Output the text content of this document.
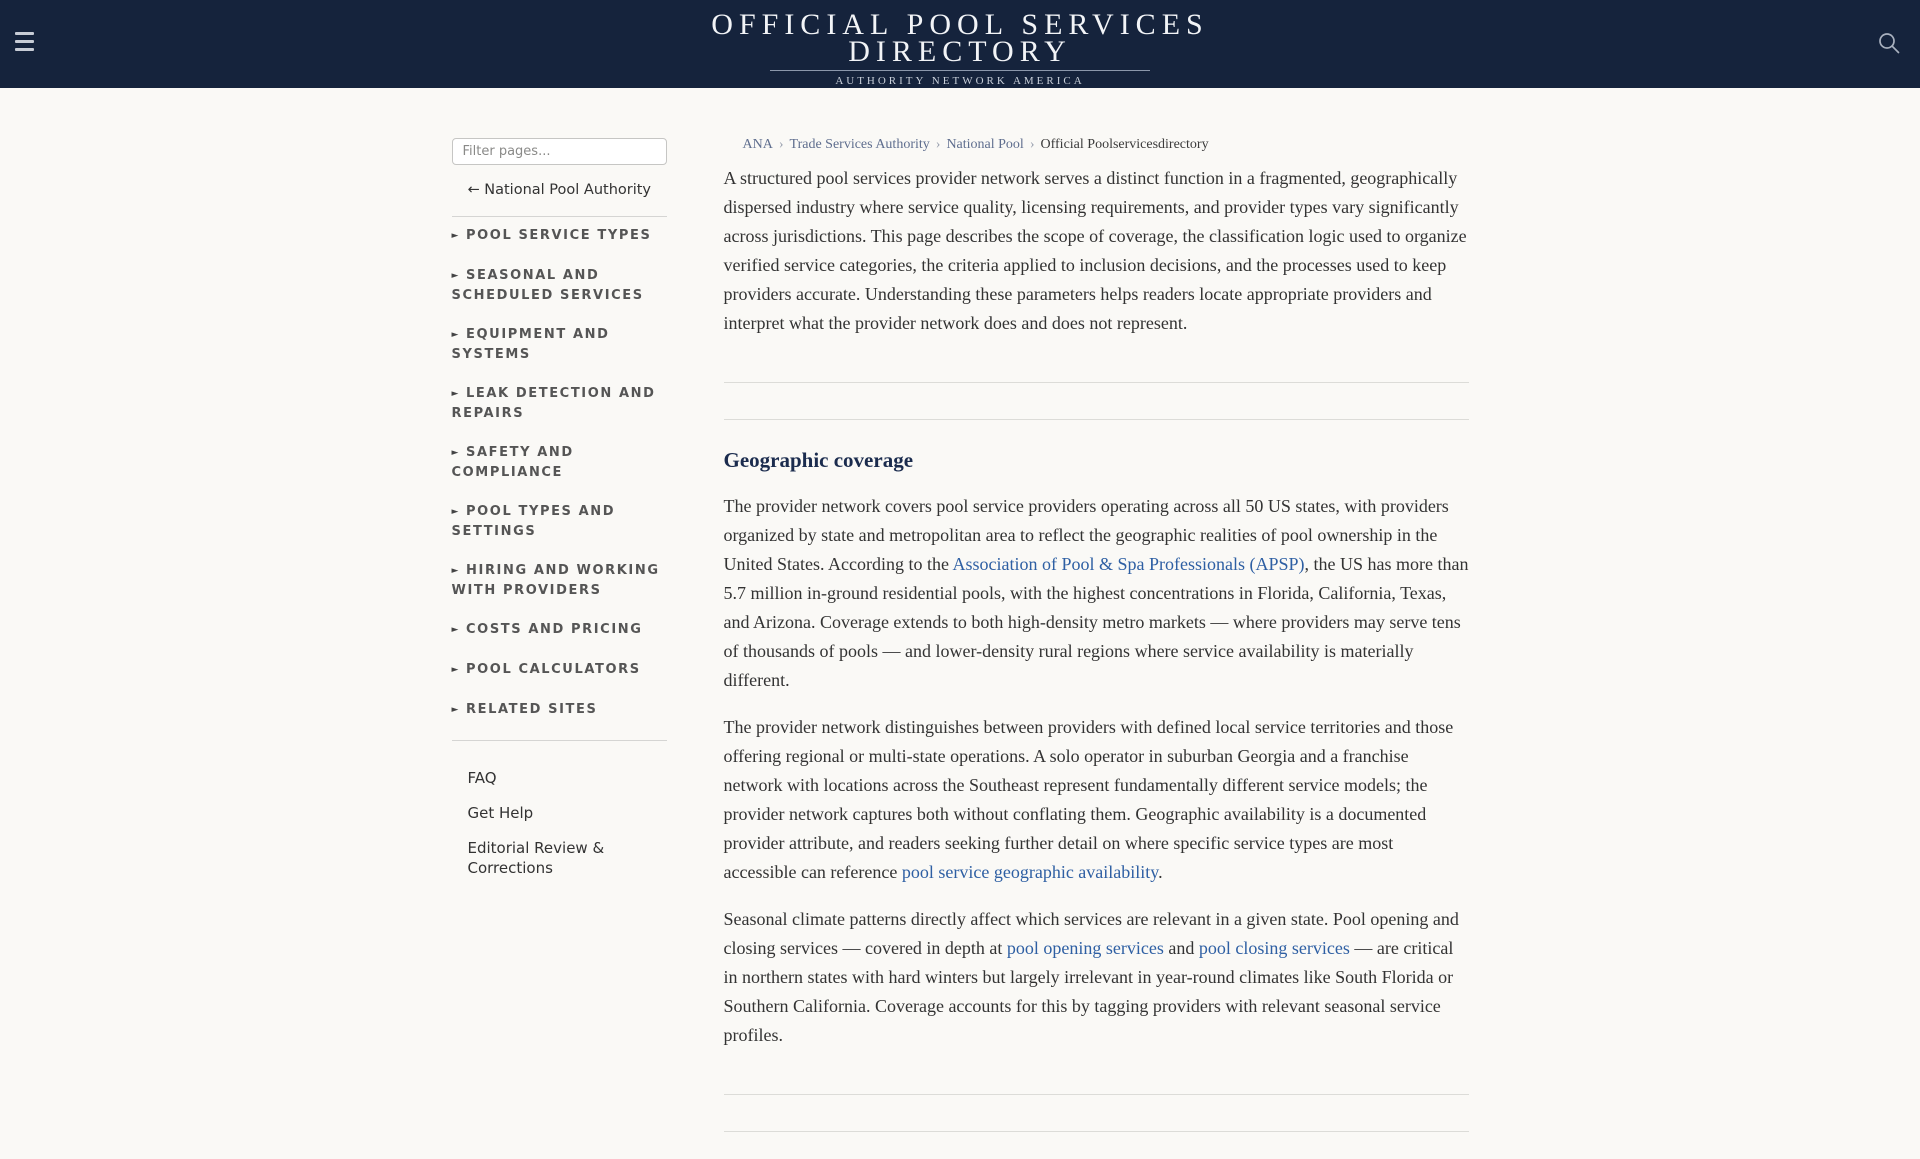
OFFICIAL POOL SERVICES DIRECTORY
AUTHORITY NETWORK AMERICA
Filter pages...
← National Pool Authority
► POOL SERVICE TYPES
► SEASONAL AND SCHEDULED SERVICES
► EQUIPMENT AND SYSTEMS
► LEAK DETECTION AND REPAIRS
► SAFETY AND COMPLIANCE
► POOL TYPES AND SETTINGS
► HIRING AND WORKING WITH PROVIDERS
► COSTS AND PRICING
► POOL CALCULATORS
► RELATED SITES
FAQ
Get Help
Editorial Review & Corrections
ANA › Trade Services Authority › National Pool › Official Poolservicesdirectory

A structured pool services provider network serves a distinct function in a fragmented, geographically dispersed industry where service quality, licensing requirements, and provider types vary significantly across jurisdictions. This page describes the scope of coverage, the classification logic used to organize verified service categories, the criteria applied to inclusion decisions, and the processes used to keep providers accurate. Understanding these parameters helps readers locate appropriate providers and interpret what the provider network does and does not represent.

Geographic coverage

The provider network covers pool service providers operating across all 50 US states, with providers organized by state and metropolitan area to reflect the geographic realities of pool ownership in the United States. According to the Association of Pool & Spa Professionals (APSP), the US has more than 5.7 million in-ground residential pools, with the highest concentrations in Florida, California, Texas, and Arizona. Coverage extends to both high-density metro markets — where providers may serve tens of thousands of pools — and lower-density rural regions where service availability is materially different.

The provider network distinguishes between providers with defined local service territories and those offering regional or multi-state operations. A solo operator in suburban Georgia and a franchise network with locations across the Southeast represent fundamentally different service models; the provider network captures both without conflating them. Geographic availability is a documented provider attribute, and readers seeking further detail on where specific service types are most accessible can reference pool service geographic availability.

Seasonal climate patterns directly affect which services are relevant in a given state. Pool opening and closing services — covered in depth at pool opening services and pool closing services — are critical in northern states with hard winters but largely irrelevant in year-round climates like South Florida or Southern California. Coverage accounts for this by tagging providers with relevant seasonal service profiles.
